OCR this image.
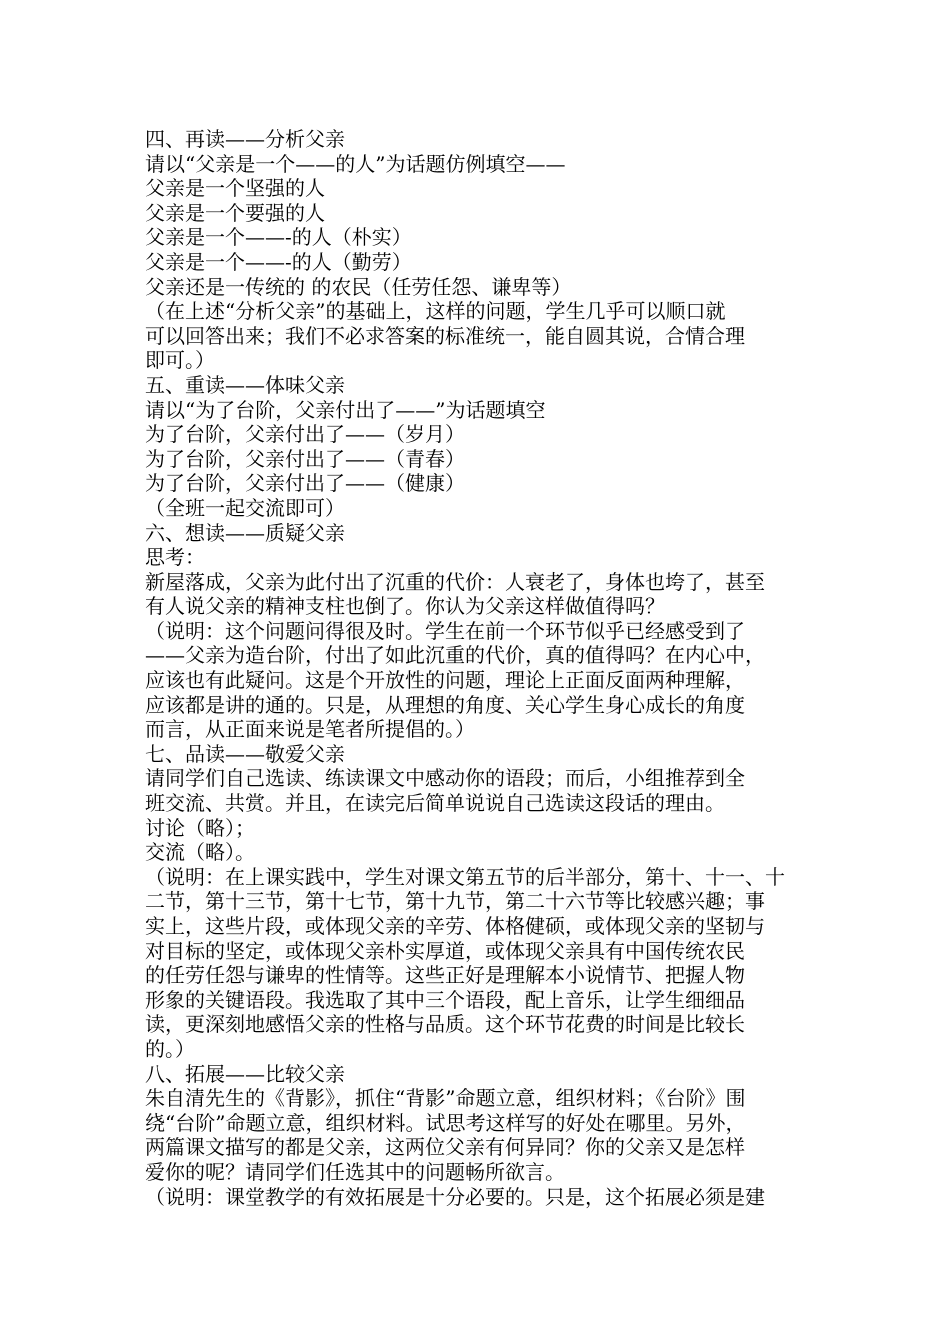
四、再读——分析父亲
请以“父亲是一个——的人”为话题仿例填空——
父亲是一个坚强的人
父亲是一个要强的人
父亲是一个——-的人（朴实）
父亲是一个——-的人（勤劳）
父亲还是一传统的 的农民（任劳任怨、谦卑等）
（在上述“分析父亲”的基础上，这样的问题，学生几乎可以顺口就
可以回答出来；我们不必求答案的标准统一，能自圆其说，合情合理
即可。）
五、重读——体味父亲
请以“为了台阶，父亲付出了——”为话题填空
为了台阶，父亲付出了——（岁月）
为了台阶，父亲付出了——（青春）
为了台阶，父亲付出了——（健康）
（全班一起交流即可）
六、想读——质疑父亲
思考：
新屋落成，父亲为此付出了沉重的代价：人衰老了，身体也垮了，甚至
有人说父亲的精神支柱也倒了。你认为父亲这样做值得吗？
（说明：这个问题问得很及时。学生在前一个环节似乎已经感受到了
——父亲为造台阶，付出了如此沉重的代价，真的值得吗？在内心中，
应该也有此疑问。这是个开放性的问题，理论上正面反面两种理解，
应该都是讲的通的。只是，从理想的角度、关心学生身心成长的角度
而言，从正面来说是笔者所提倡的。）
七、品读——敬爱父亲
请同学们自己选读、练读课文中感动你的语段；而后，小组推荐到全
班交流、共赏。并且，在读完后简单说说自己选读这段话的理由。
讨论（略）；
交流（略）。
（说明：在上课实践中，学生对课文第五节的后半部分，第十、十一、十
二节，第十三节，第十七节，第十九节，第二十六节等比较感兴趣；事
实上，这些片段，或体现父亲的辛劳、体格健硕，或体现父亲的坚韧与
对目标的坚定，或体现父亲朴实厚道，或体现父亲具有中国传统农民
的任劳任怨与谦卑的性情等。这些正好是理解本小说情节、把握人物
形象的关键语段。我选取了其中三个语段，配上音乐，让学生细细品
读，更深刻地感悟父亲的性格与品质。这个环节花费的时间是比较长
的。）
八、拓展——比较父亲
朱自清先生的《背影》，抓住“背影”命题立意，组织材料；《台阶》围
绕“台阶”命题立意，组织材料。试思考这样写的好处在哪里。另外，
两篇课文描写的都是父亲，这两位父亲有何异同？你的父亲又是怎样
爱你的呢？请同学们任选其中的问题畅所欲言。
（说明：课堂教学的有效拓展是十分必要的。只是，这个拓展必须是建
